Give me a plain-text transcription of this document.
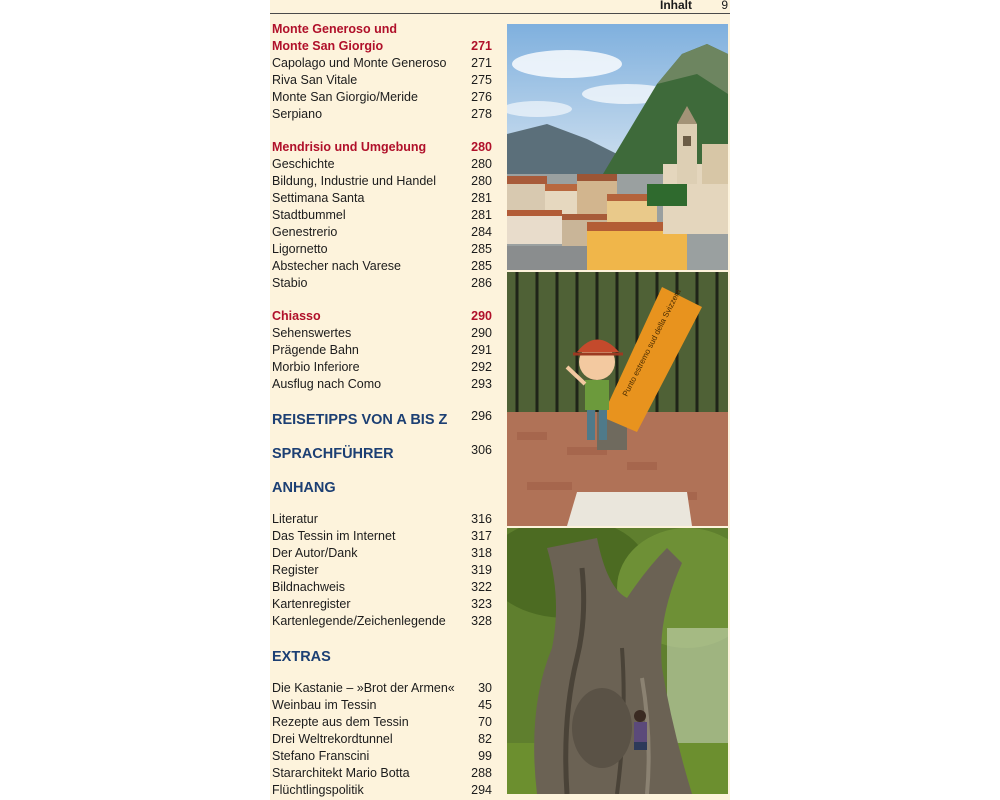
Inhalt 9
Monte Generoso und
Monte San Giorgio	271
Capolago und Monte Generoso 271
Riva San Vitale	275
Monte San Giorgio/Meride	276
Serpiano	278
Mendrisio und Umgebung	280
Geschichte	280
Bildung, Industrie und Handel	280
Settimana Santa	281
Stadtbummel	281
Genestrerio	284
Ligornetto	285
Abstecher nach Varese	285
Stabio	286
Chiasso	290
Sehenswertes	290
Prägende Bahn	291
Morbio Inferiore	292
Ausflug nach Como	293
REISETIPPS VON A BIS Z 296
SPRACHFÜHRER	306
ANHANG
Literatur	316
Das Tessin im Internet	317
Der Autor/Dank	318
Register	319
Bildnachweis	322
Kartenregister	323
Kartenlegende/Zeichenlegende 328
EXTRAS
Die Kastanie – »Brot der Armen« 30
Weinbau im Tessin	45
Rezepte aus dem Tessin	70
Drei Weltrekordtunnel	82
Stefano Franscini	99
Stararchitekt Mario Botta	288
Flüchtlingspolitik	294
Punto estremo sud della Svizzera
